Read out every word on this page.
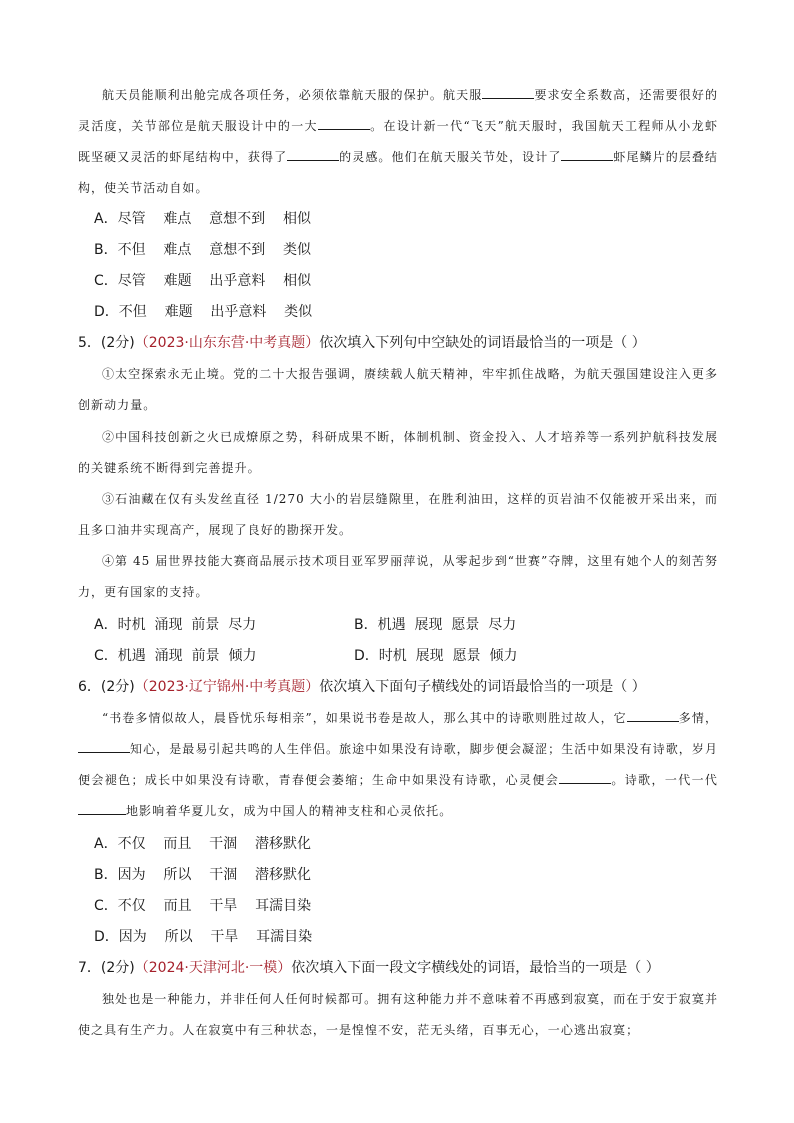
航天员能顺利出舱完成各项任务，必须依靠航天服的保护。航天服	要求安全系数高，还需要很好的灵活度，关节部位是航天服设计中的一大	。在设计新一代“飞天”航天服时，我国航天工程师从小龙虾既坚硬又灵活的虾尾结构中，获得了	的灵感。他们在航天服关节处，设计了	虾尾鳞片的层叠结构，使关节活动自如。

A．尽管    难点    意想不到    相似

B．不但    难点    意想不到    类似

C．尽管    难题    出乎意料    相似

D．不但    难题    出乎意料    类似

5．(2分)（2023·山东东营·中考真题）依次填入下列句中空缺处的词语最恰当的一项是（ ）

①太空探索永无止境。党的二十大报告强调，赓续载人航天精神，牢牢抓住战略，为航天强国建设注入更多创新动力量。

②中国科技创新之火已成燎原之势，科研成果不断，体制机制、资金投入、人才培养等一系列护航科技发展的关键系统不断得到完善提升。

③石油藏在仅有头发丝直径 1/270 大小的岩层缝隙里，在胜利油田，这样的页岩油不仅能被开采出来，而且多口油井实现高产，展现了良好的勘探开发。

④第 45 届世界技能大赛商品展示技术项目亚军罗丽萍说，从零起步到“世赛”夺牌，这里有她个人的刻苦努力，更有国家的支持。

A．时机  涌现  前景  尽力	B．机遇  展现  愿景  尽力

C．机遇  涌现  前景  倾力	D．时机  展现  愿景  倾力

6．(2分)（2023·辽宁锦州·中考真题）依次填入下面句子横线处的词语最恰当的一项是（ ）

“书卷多情似故人，晨昏忧乐每相亲”，如果说书卷是故人，那么其中的诗歌则胜过故人，它	多情，知心，是最易引起共鸣的人生伴侣。旅途中如果没有诗歌，脚步便会凝涩；生活中如果没有诗歌，岁月便会褪色；成长中如果没有诗歌，青春便会萎缩；生命中如果没有诗歌，心灵便会	。诗歌，一代一代地影响着华夏儿女，成为中国人的精神支柱和心灵依托。

A．不仅    而且    干涸    潜移默化

B．因为    所以    干涸    潜移默化

C．不仅    而且    干旱    耳濡目染

D．因为    所以    干旱    耳濡目染

7．(2分)（2024·天津河北·一模）依次填入下面一段文字横线处的词语，最恰当的一项是（ ）

独处也是一种能力，并非任何人任何时候都可。拥有这种能力并不意味着不再感到寂寞，而在于安于寂寞并使之具有生产力。人在寂寞中有三种状态，一是惶惶不安，茫无头绪，百事无心，一心逃出寂寞；
